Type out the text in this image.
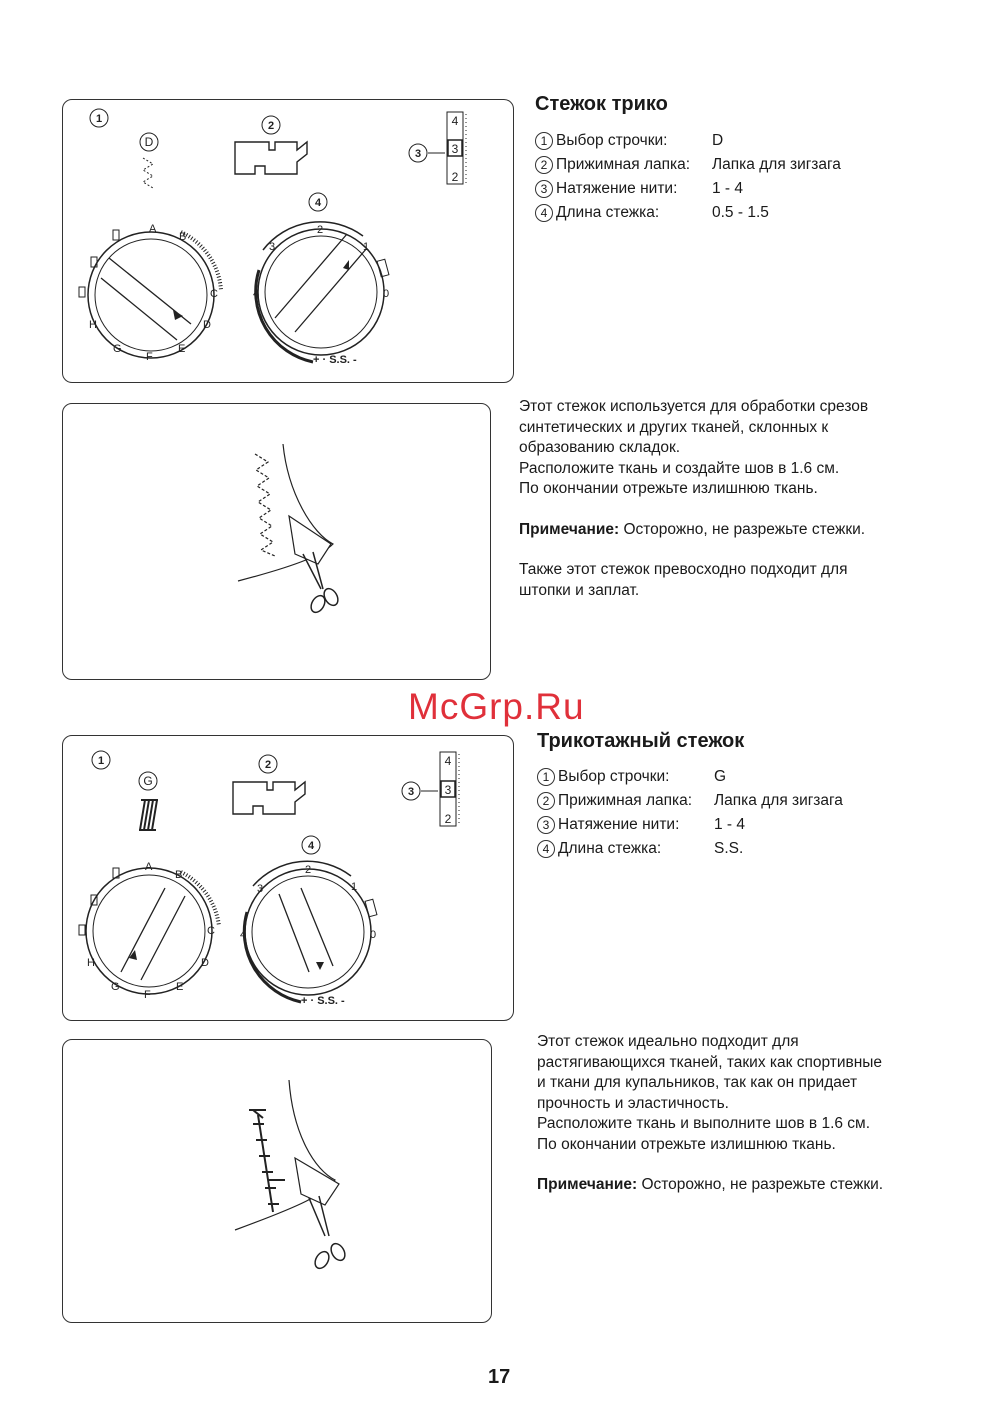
1
D
2
3
4
3
2
A
B
C
D
E
F
G
H
4
2
1
0
4
3
+ · S.S. -
Стежок трико
1 Выбор строчки:	D
2 Прижимная лапка:	Лапка для зигзага
3 Натяжение нити:	1 - 4
4 Длина стежка:	0.5 - 1.5

Этот стежок используется для обработки срезов

синтетических и других тканей, склонных к

образованию складок.

Расположите ткань и создайте шов в 1.6 см.

По окончании отрежьте излишнюю ткань.

Примечание: Осторожно, не разрежьте стежки.

Также этот стежок превосходно подходит для

штопки и заплат.

McGrp.Ru
1
G
2
3
4
3
2
A
B
C
D
E
F
G
H
4
2
1
0
4
3
+ · S.S. -
Трикотажный стежок
1 Выбор строчки:	G
2 Прижимная лапка:	Лапка для зигзага
3 Натяжение нити:	1 - 4
4 Длина стежка:	S.S.

Этот стежок идеально подходит для

растягивающихся тканей, таких как спортивные

и ткани для купальников, так как он придает

прочность и эластичность.

Расположите ткань и выполните шов в 1.6 см.

По окончании отрежьте излишнюю ткань.

Примечание: Осторожно, не разрежьте стежки.

17
